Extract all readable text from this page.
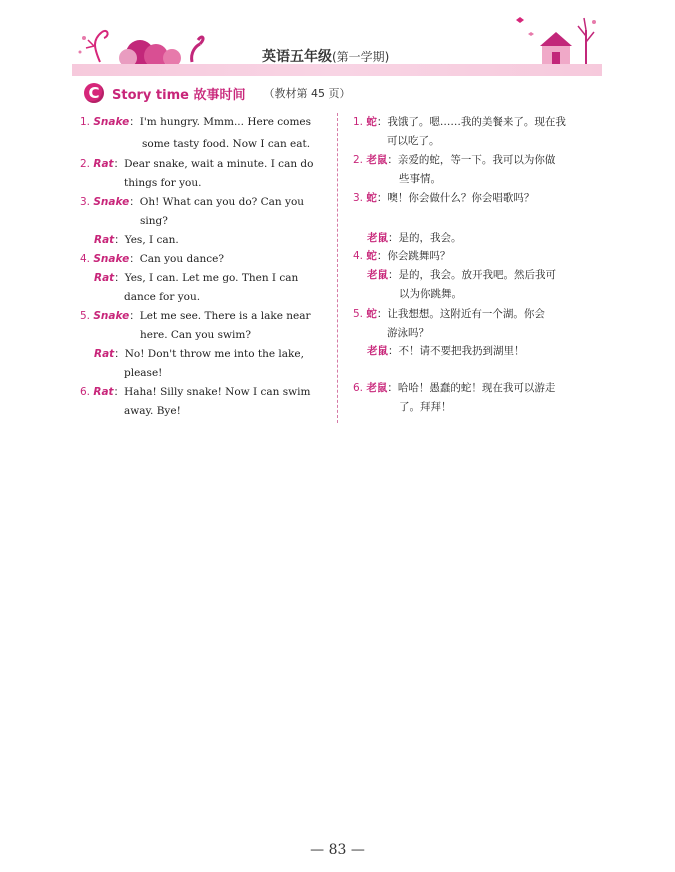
英语五年级(第一学期)
C Story time 故事时间 （教材第 45 页）
1. Snake：I'm hungry. Mmm... Here comes
some tasty food. Now I can eat.
2. Rat：Dear snake, wait a minute. I can do
things for you.
3. Snake：Oh! What can you do? Can you
sing?
Rat：Yes, I can.
4. Snake：Can you dance?
Rat：Yes, I can. Let me go. Then I can
dance for you.
5. Snake：Let me see. There is a lake near
here. Can you swim?
Rat：No! Don't throw me into the lake,
please!
6. Rat：Haha! Silly snake! Now I can swim
away. Bye!
1. 蛇：我饿了。嗯……我的美餐来了。现在我
可以吃了。
2. 老鼠：亲爱的蛇，等一下。我可以为你做
些事情。
3. 蛇：噢！你会做什么？你会唱歌吗？
老鼠：是的，我会。
4. 蛇：你会跳舞吗？
老鼠：是的，我会。放开我吧。然后我可
以为你跳舞。
5. 蛇：让我想想。这附近有一个湖。你会
游泳吗？
老鼠：不！请不要把我扔到湖里！
6. 老鼠：哈哈！愚蠢的蛇！现在我可以游走
了。拜拜！
— 83 —
